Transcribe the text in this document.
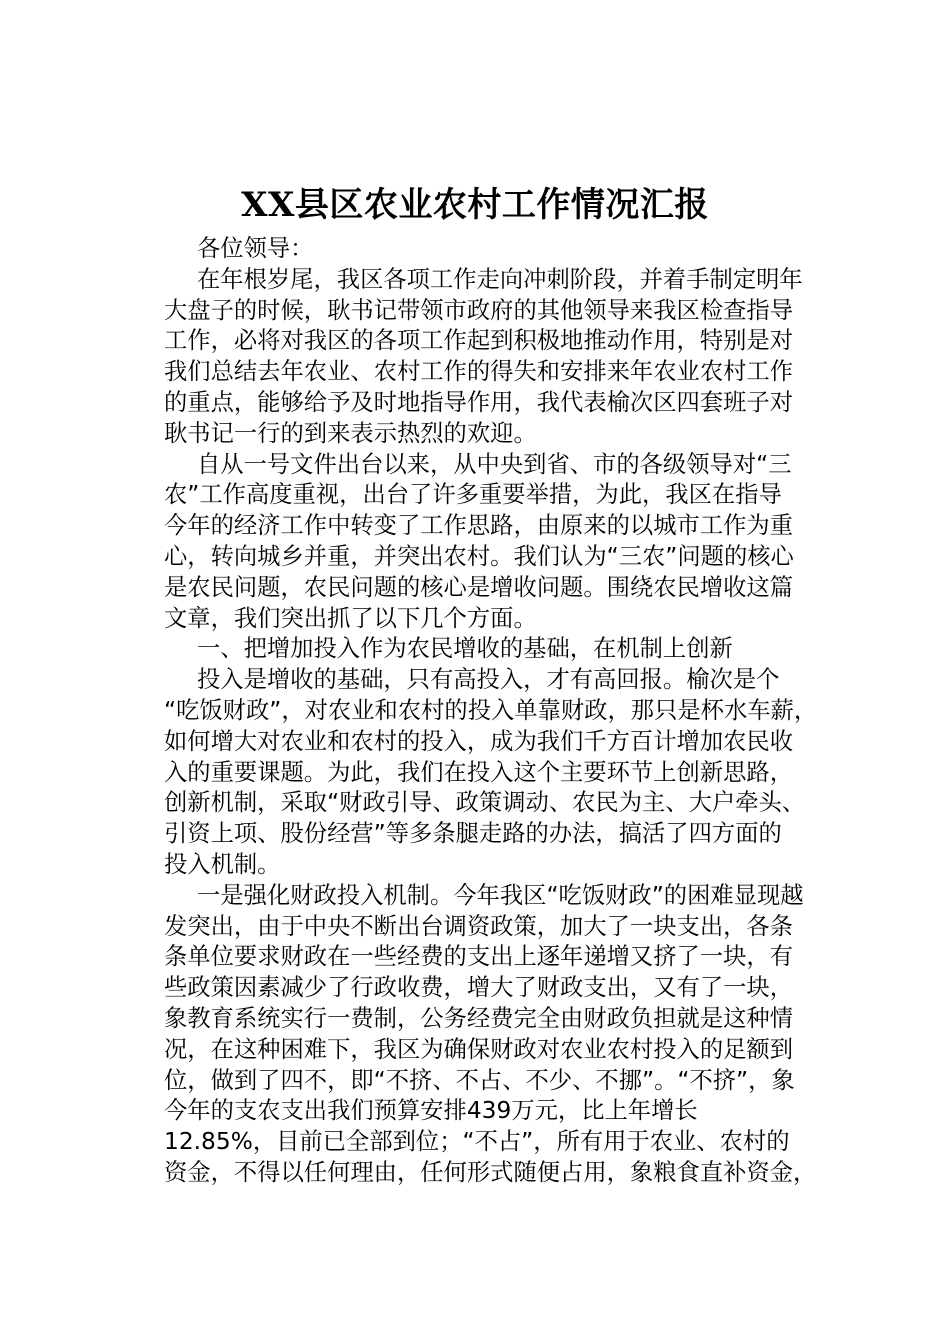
XX县区农业农村工作情况汇报
各位领导：
在年根岁尾，我区各项工作走向冲刺阶段，并着手制定明年
大盘子的时候，耿书记带领市政府的其他领导来我区检查指导
工作，必将对我区的各项工作起到积极地推动作用，特别是对
我们总结去年农业、农村工作的得失和安排来年农业农村工作
的重点，能够给予及时地指导作用，我代表榆次区四套班子对
耿书记一行的到来表示热烈的欢迎。
自从一号文件出台以来，从中央到省、市的各级领导对“三
农”工作高度重视，出台了许多重要举措，为此，我区在指导
今年的经济工作中转变了工作思路，由原来的以城市工作为重
心，转向城乡并重，并突出农村。我们认为“三农”问题的核心
是农民问题，农民问题的核心是增收问题。围绕农民增收这篇
文章，我们突出抓了以下几个方面。
一、把增加投入作为农民增收的基础，在机制上创新
投入是增收的基础，只有高投入，才有高回报。榆次是个
“吃饭财政”，对农业和农村的投入单靠财政，那只是杯水车薪，
如何增大对农业和农村的投入，成为我们千方百计增加农民收
入的重要课题。为此，我们在投入这个主要环节上创新思路，
创新机制，采取“财政引导、政策调动、农民为主、大户牵头、
引资上项、股份经营”等多条腿走路的办法，搞活了四方面的
投入机制。
一是强化财政投入机制。今年我区“吃饭财政”的困难显现越
发突出，由于中央不断出台调资政策，加大了一块支出，各条
条单位要求财政在一些经费的支出上逐年递增又挤了一块，有
些政策因素减少了行政收费，增大了财政支出，又有了一块，
象教育系统实行一费制，公务经费完全由财政负担就是这种情
况，在这种困难下，我区为确保财政对农业农村投入的足额到
位，做到了四不，即“不挤、不占、不少、不挪”。“不挤”，象
今年的支农支出我们预算安排439万元，比上年增长
12.85%，目前已全部到位；“不占”，所有用于农业、农村的
资金，不得以任何理由，任何形式随便占用，象粮食直补资金，
